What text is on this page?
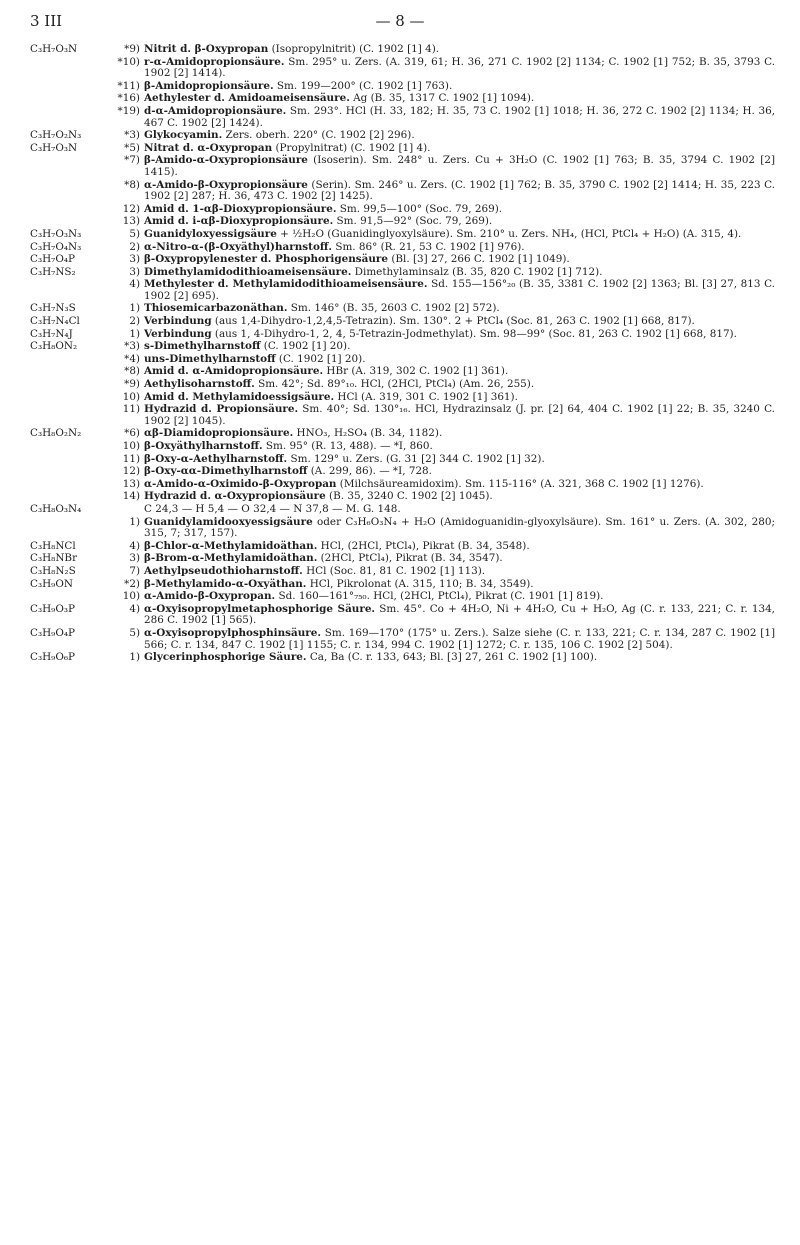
3 III	— 8 —
C₃H₇O₃N	*9) Nitrit d. β-Oxypropan (Isopropylnitrit) (C. 1902 [1] 4).
*10) r-α-Amidopropionsäure. Sm. 295° u. Zers. (A. 319, 61; H. 36, 271 C. 1902 [2] 1134; C. 1902 [1] 752; B. 35, 3793 C. 1902 [2] 1414).
*11) β-Amidopropionsäure. Sm. 199—200° (C. 1902 [1] 763).
*16) Aethylester d. Amidoameisensäure. Ag (B. 35, 1317 C. 1902 [1] 1094).
*19) d-α-Amidopropionsäure. Sm. 293°. HCl (H. 33, 182; H. 35, 73 C. 1902 [1] 1018; H. 36, 272 C. 1902 [2] 1134; H. 36, 467 C. 1902 [2] 1424).
C₃H₇O₂N₃	*3) Glykocyamin. Zers. oberh. 220° (C. 1902 [2] 296).
C₃H₇O₃N	*5) Nitrat d. α-Oxypropan (Propylnitrat) (C. 1902 [1] 4).
*7) β-Amido-α-Oxypropionsäure (Isoserin). Sm. 248° u. Zers. Cu + 3H₂O (C. 1902 [1] 763; B. 35, 3794 C. 1902 [2] 1415).
*8) α-Amido-β-Oxypropionsäure (Serin). Sm. 246° u. Zers. (C. 1902 [1] 762; B. 35, 3790 C. 1902 [2] 1414; H. 35, 223 C. 1902 [2] 287; H. 36, 473 C. 1902 [2] 1425).
12) Amid d. 1-αβ-Dioxypropionsäure. Sm. 99,5—100° (Soc. 79, 269).
13) Amid d. i-αβ-Dioxypropionsäure. Sm. 91,5—92° (Soc. 79, 269).
C₃H₇O₃N₃	5) Guanidyloxyessigsäure + ½H₂O (Guanidinglyoxylsäure). Sm. 210° u. Zers. NH₄, (HCl, PtCl₄ + H₂O) (A. 315, 4).
C₃H₇O₄N₃	2) α-Nitro-α-(β-Oxyäthyl)harnstoff. Sm. 86° (R. 21, 53 C. 1902 [1] 976).
C₃H₇O₄P	3) β-Oxypropylenester d. Phosphorigensäure (Bl. [3] 27, 266 C. 1902 [1] 1049).
C₃H₇NS₂	3) Dimethylamidodithioameisensäure. Dimethylaminsalz (B. 35, 820 C. 1902 [1] 712).
4) Methylester d. Methylamidodithioameisensäure. Sd. 155—156°₂₀ (B. 35, 3381 C. 1902 [2] 1363; Bl. [3] 27, 813 C. 1902 [2] 695).
C₃H₇N₃S	1) Thiosemicarbazonäthan. Sm. 146° (B. 35, 2603 C. 1902 [2] 572).
C₃H₇N₄Cl	2) Verbindung (aus 1,4-Dihydro-1,2,4,5-Tetrazin). Sm. 130°. 2 + PtCl₄ (Soc. 81, 263 C. 1902 [1] 668, 817).
C₃H₇N₄J	1) Verbindung (aus 1, 4-Dihydro-1, 2, 4, 5-Tetrazin-Jodmethylat). Sm. 98—99° (Soc. 81, 263 C. 1902 [1] 668, 817).
C₃H₈ON₂	*3) s-Dimethylharnstoff (C. 1902 [1] 20).
*4) uns-Dimethylharnstoff (C. 1902 [1] 20).
*8) Amid d. α-Amidopropionsäure. HBr (A. 319, 302 C. 1902 [1] 361).
*9) Aethylisoharnstoff. Sm. 42°; Sd. 89°₁₀. HCl, (2HCl, PtCl₄) (Am. 26, 255).
10) Amid d. Methylamidoessigsäure. HCl (A. 319, 301 C. 1902 [1] 361).
11) Hydrazid d. Propionsäure. Sm. 40°; Sd. 130°₁₆. HCl, Hydrazinsalz (J. pr. [2] 64, 404 C. 1902 [1] 22; B. 35, 3240 C. 1902 [2] 1045).
C₃H₈O₂N₂	*6) αβ-Diamidopropionsäure. HNO₃, H₂SO₄ (B. 34, 1182).
10) β-Oxyäthylharnstoff. Sm. 95° (R. 13, 488). — *I, 860.
11) β-Oxy-α-Aethylharnstoff. Sm. 129° u. Zers. (G. 31 [2] 344 C. 1902 [1] 32).
12) β-Oxy-αα-Dimethylharnstoff (A. 299, 86). — *I, 728.
13) α-Amido-α-Oximido-β-Oxypropan (Milchsäureamidoxim). Sm. 115-116° (A. 321, 368 C. 1902 [1] 1276).
14) Hydrazid d. α-Oxypropionsäure (B. 35, 3240 C. 1902 [2] 1045).
C₃H₈O₃N₄	C 24,3 — H 5,4 — O 32,4 — N 37,8 — M. G. 148.
1) Guanidylamidooxyessigsäure oder C₃H₆O₃N₄ + H₂O (Amidoguanidin-glyoxylsäure). Sm. 161° u. Zers. (A. 302, 280; 315, 7; 317, 157).
C₃H₈NCl	4) β-Chlor-α-Methylamidoäthan. HCl, (2HCl, PtCl₄), Pikrat (B. 34, 3548).
C₃H₈NBr	3) β-Brom-α-Methylamidoäthan. (2HCl, PtCl₄), Pikrat (B. 34, 3547).
C₃H₈N₂S	7) Aethylpseudothioharnstoff. HCl (Soc. 81, 81 C. 1902 [1] 113).
C₃H₉ON	*2) β-Methylamido-α-Oxyäthan. HCl, Pikrolonat (A. 315, 110; B. 34, 3549).
10) α-Amido-β-Oxypropan. Sd. 160—161°₇₅₀. HCl, (2HCl, PtCl₄), Pikrat (C. 1901 [1] 819).
C₃H₉O₃P	4) α-Oxyisopropylmetaphosphorige Säure. Sm. 45°. Co + 4H₂O, Ni + 4H₂O, Cu + H₂O, Ag (C. r. 133, 221; C. r. 134, 286 C. 1902 [1] 565).
C₃H₉O₄P	5) α-Oxyisopropylphosphinsäure. Sm. 169—170° (175° u. Zers.). Salze siehe (C. r. 133, 221; C. r. 134, 287 C. 1902 [1] 566; C. r. 134, 847 C. 1902 [1] 1155; C. r. 134, 994 C. 1902 [1] 1272; C. r. 135, 106 C. 1902 [2] 504).
C₃H₉O₆P	1) Glycerinphosphorige Säure. Ca, Ba (C. r. 133, 643; Bl. [3] 27, 261 C. 1902 [1] 100).
